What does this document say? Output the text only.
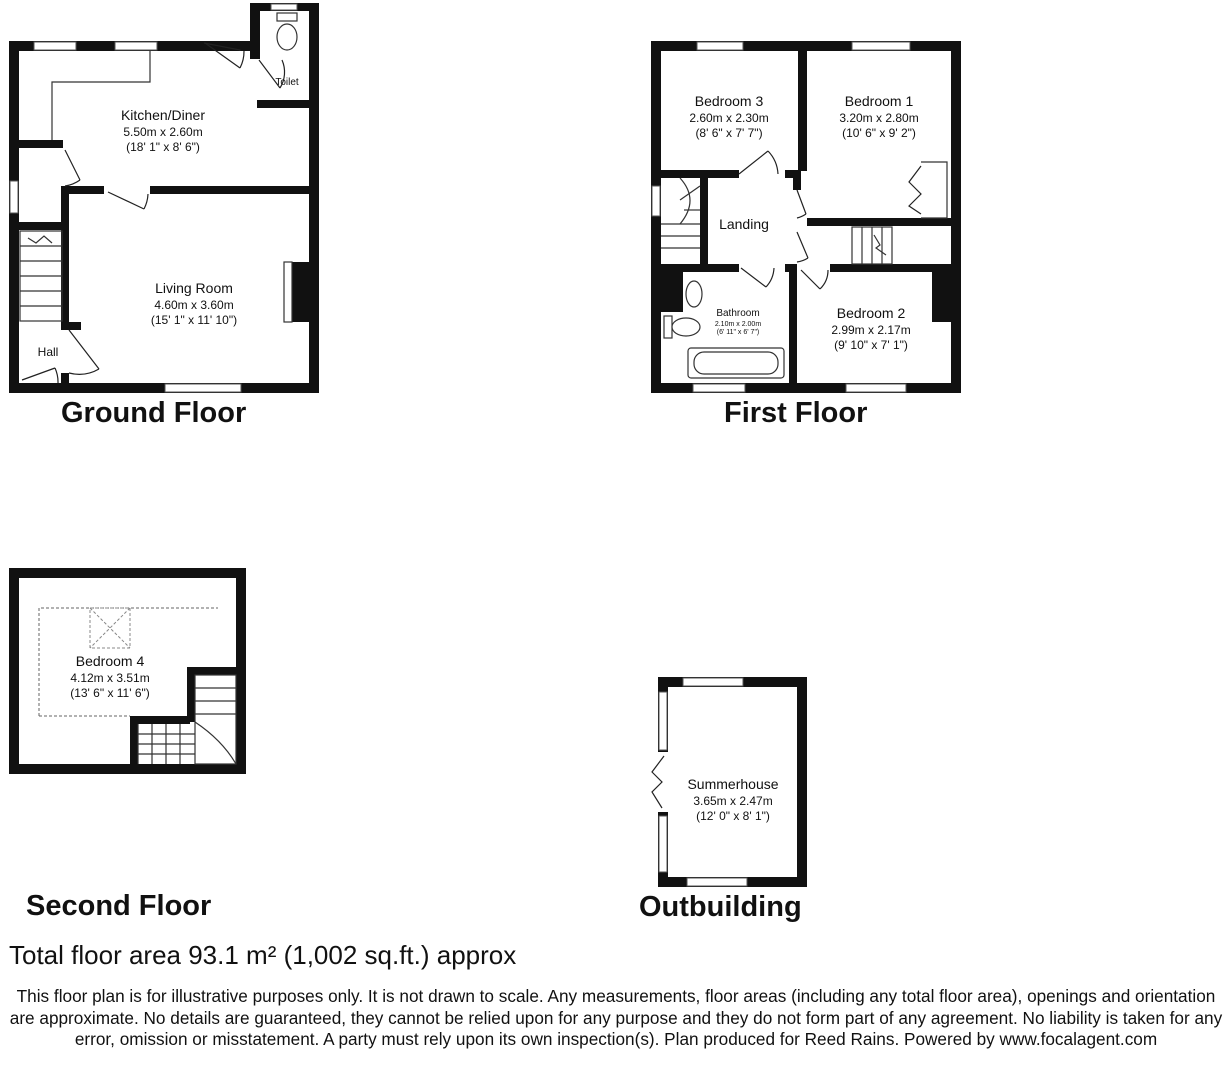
Kitchen/Diner
5.50m x 2.60m
(18' 1" x 8' 6")
Toilet
Living Room
4.60m x 3.60m
(15' 1" x 11' 10")
Hall
Bedroom 3
2.60m x 2.30m
(8' 6" x 7' 7")
Bedroom 1
3.20m x 2.80m
(10' 6" x 9' 2")
Landing
Bathroom
2.10m x 2.00m
(6' 11" x 6' 7")
Bedroom 2
2.99m x 2.17m
(9' 10" x 7' 1")
Bedroom 4
4.12m x 3.51m
(13' 6" x 11' 6")
Summerhouse
3.65m x 2.47m
(12' 0" x 8' 1")
Ground Floor	First Floor
Second Floor	Outbuilding
Total floor area 93.1 m² (1,002 sq.ft.) approx
This floor plan is for illustrative purposes only. It is not drawn to scale. Any measurements, floor areas (including any total floor area), openings and orientation are approximate. No details are guaranteed, they cannot be relied upon for any purpose and they do not form part of any agreement. No liability is taken for any error, omission or misstatement. A party must rely upon its own inspection(s). Plan produced for Reed Rains. Powered by www.focalagent.com
